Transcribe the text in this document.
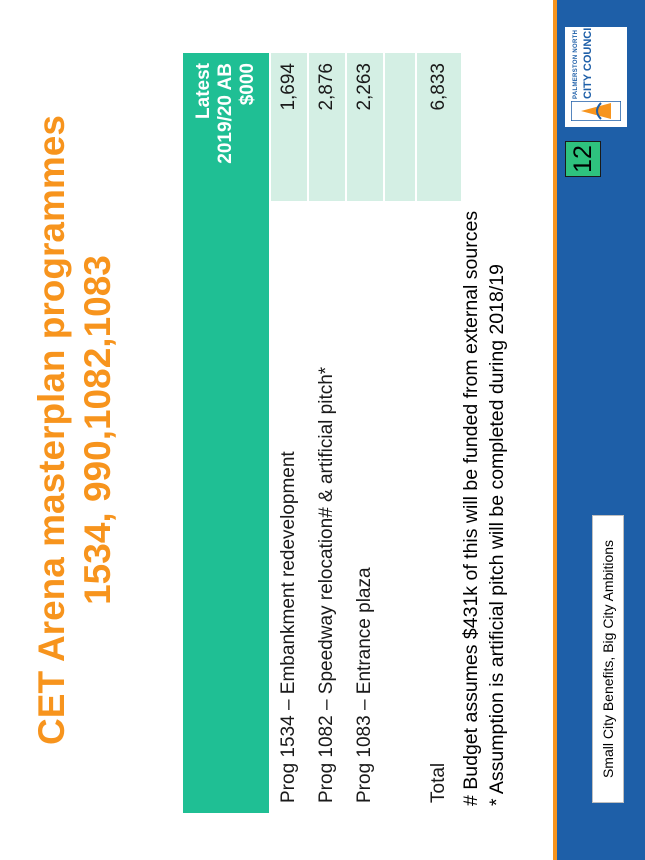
CET Arena masterplan programmes 1534, 990,1082,1083

	Latest 2019/20 AB $000

Prog 1534 – Embankment redevelopment	1,694
Prog 1082 – Speedway relocation# & artificial pitch*	2,876
Prog 1083 – Entrance plaza	2,263

Total	6,833
# Budget assumes $431k of this will be funded from external sources * Assumption is artificial pitch will be completed during 2018/19	Small City Benefits, Big City Ambitions
12
PALMERSTON NORTH CITY COUNCIL
